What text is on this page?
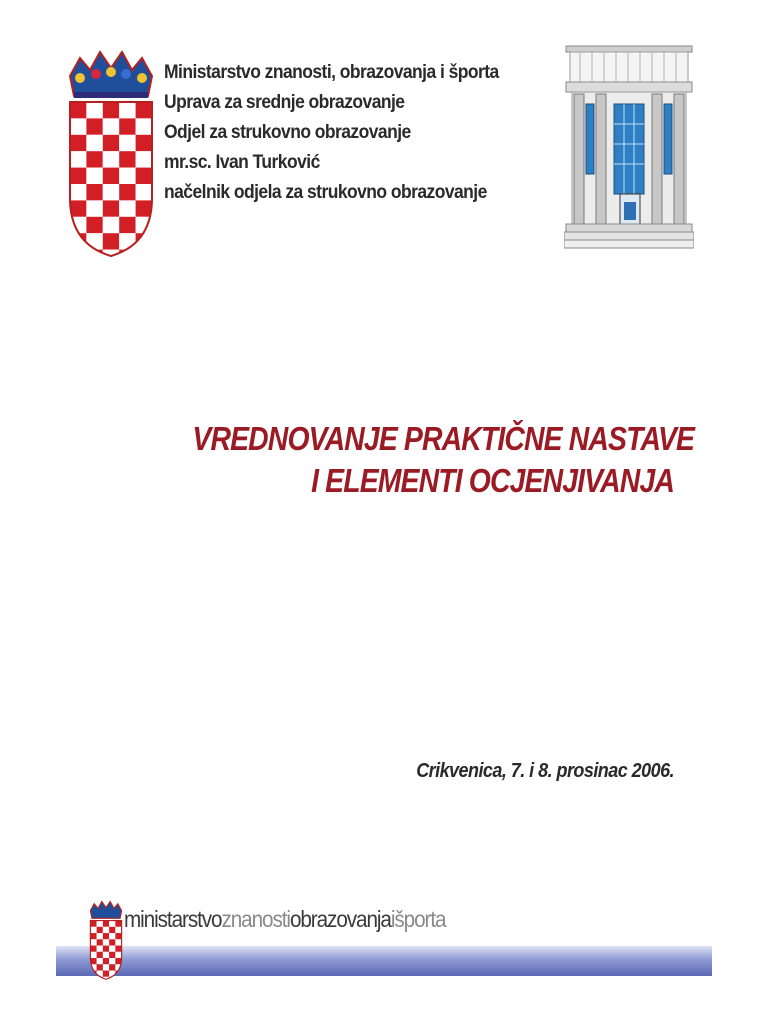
Ministarstvo znanosti, obrazovanja i športa
Uprava za srednje obrazovanje
Odjel za strukovno obrazovanje
mr.sc. Ivan Turković
načelnik odjela za strukovno obrazovanje
VREDNOVANJE PRAKTIČNE NASTAVE
I ELEMENTI OCJENJIVANJA
Crikvenica, 7. i 8. prosinac 2006.
ministarstvoznanostiobrazovanjaišporta
